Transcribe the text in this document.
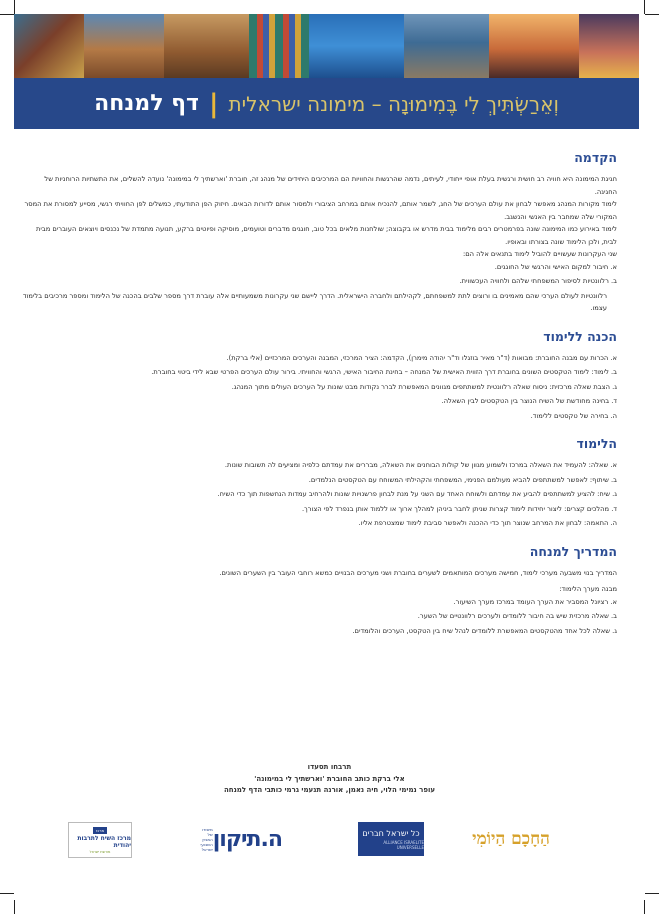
וְאֵרַשְׂתִּיךְ לִי בֶּמִימוּנָה – מימונה ישראלית
|
דף למנחה
הקדמה

חגיגת המימונה היא חוויה רב חושית ורגשית בעלת אופי ייחודי, לעיתים, נדמה שהרגשות והחוויות הם המרכיבים היחידים של מנהג זה, חוברת 'וארשתיך לי במימונה' נועדה להשלים, את התשתיות הרוחניות של החגיגה.

לימוד מקורות המנהג מאפשר לבחון את עולם הערכים של החג, לשמר אותם, להנכיח אותם במרחב הציבורי ולמסור אותם לדורות הבאים. חיזוק הפן התודעתי, כמשלים לפן החוויתי רגשי, מסייע למסורת את המסר המקורי שלה שמחבר בין האנשי והנשגב.

לימוד באירוע כמו המימונה שונה בפרמטרים רבים מלימוד בבית מדרש או בקבוצה; שולחנות מלאים בכל טוב, חוגגים מדברים וטועמים, מוסיקה ופיוטים ברקע, תנועה מתמדת של נכנסים ויוצאים העוברים מבית לבית, ולכן הלימוד שונה בצורתו ובאופיו.

שני העקרונות שעשויים להוביל לימוד בתנאים אלה הם:

א. חיבור למקום האישי והרגשי של החוגגים.

ב. רלוונטיות לסיפור המשפחתי שלהם ולחוויה העכשווית.

רלוונטיות לעולם הערכי שהם מאמינים בו ורוצים לתת למשפחתם, לקהילתם ולחברה הישראלית. הדרך ליישם שני עקרונות משמעותיים אלה עוברת דרך מספר שלבים בהכנה של הלימוד ומספר מרכיבים בלימוד עצמו.

הכנה ללימוד

א. הכרות עם מבנה החוברת: מבואות (ד"ר מאיר בוזגלו וד"ר יהודה מימרן), הקדמה: הציר המרכזי, המבנה והערכים המרכזיים (אלי ברקת).

ב. לימוד: לימוד הטקסטים השונים בחוברת דרך הזווית האישית של המנחה – בחינת החיבור האישי, הרגשי והחוויתי. בירור עולם הערכים הפרטי שבא לידי ביטוי בחוברת.

ג. הצבת שאלה מרכזית: ניסוח שאלה רלוונטית למשתתפים מגוונים המאפשרת לברר נקודות מבט שונות על הערכים העולים מתוך המנהג.

ד. בחינה מחודשת של השיח הנוצר בין הטקסטים לבין השאלה.

ה. בחירה של טקסטים ללימוד.

הלימוד

א. שאלה: להעמיד את השאלה במרכז ולשמוע מגוון של קולות הבוחנים את השאלה, מבררים את עמדתם כלפיה ומציעים לה תשובות שונות.

ב. שיתוף: לאפשר למשתתפים להביא מעולמם הפנימי, המשפחתי והקהילתי המשוחח עם הטקסטים הנלמדים.

ג. שיח: להציע למשתתפים להביע את עמדתם ולשוחח האחד עם השני על מנת לבחון פרשנויות שונות ולהרחיב עמדות הנחשפות תוך כדי השיח.

ד. מהלכים קצרים: ליצור יחידות לימוד קצרות שניתן לחבר ביניהן למהלך ארוך או ללמוד אותן בנפרד לפי הצורך.

ה. התאמה: לבחון את המרחב שנוצר תוך כדי ההכנה ולאפשר סביבת לימוד שמצטרפת אליו.

המדריך למנחה

המדריך בנוי משבעה מערכי לימוד, חמישה מערכים המותאמים לשערים בחוברת ושני מערכים הבנויים כמשא רוחבי העובר בין השערים השונים.

מבנה מערך הלימוד:

א. רציונל המסביר את הערך העומד במרכז מערך השיעור.

ב. שאלה מרכזית שיש בה חיבור ללומדים ולערכים רלוונטיים של השער.

ג. שאלה לכל אחד מהטקסטים המאפשרת ללומדים לנהל שיח בין הטקסט, הערכים והלומדים.

תרבחו תסעדו
אלי ברקת כותב החוברת 'וארשתיך לי במימונה'
עופר נמימי הלוי, חיה נאמן, אורנה תנעמי גרמי כותבי הדף למנחה
הַחָכָם הַיוֹמִי
כל ישראל חברים
ALLIANCE ISRAELITE UNIVERSELLE
ה.תיקון
מיסודו של המגזין השבועי ישראל
מרכז
מרכז השיח לתרבות יהודית
מורשת ישראל
